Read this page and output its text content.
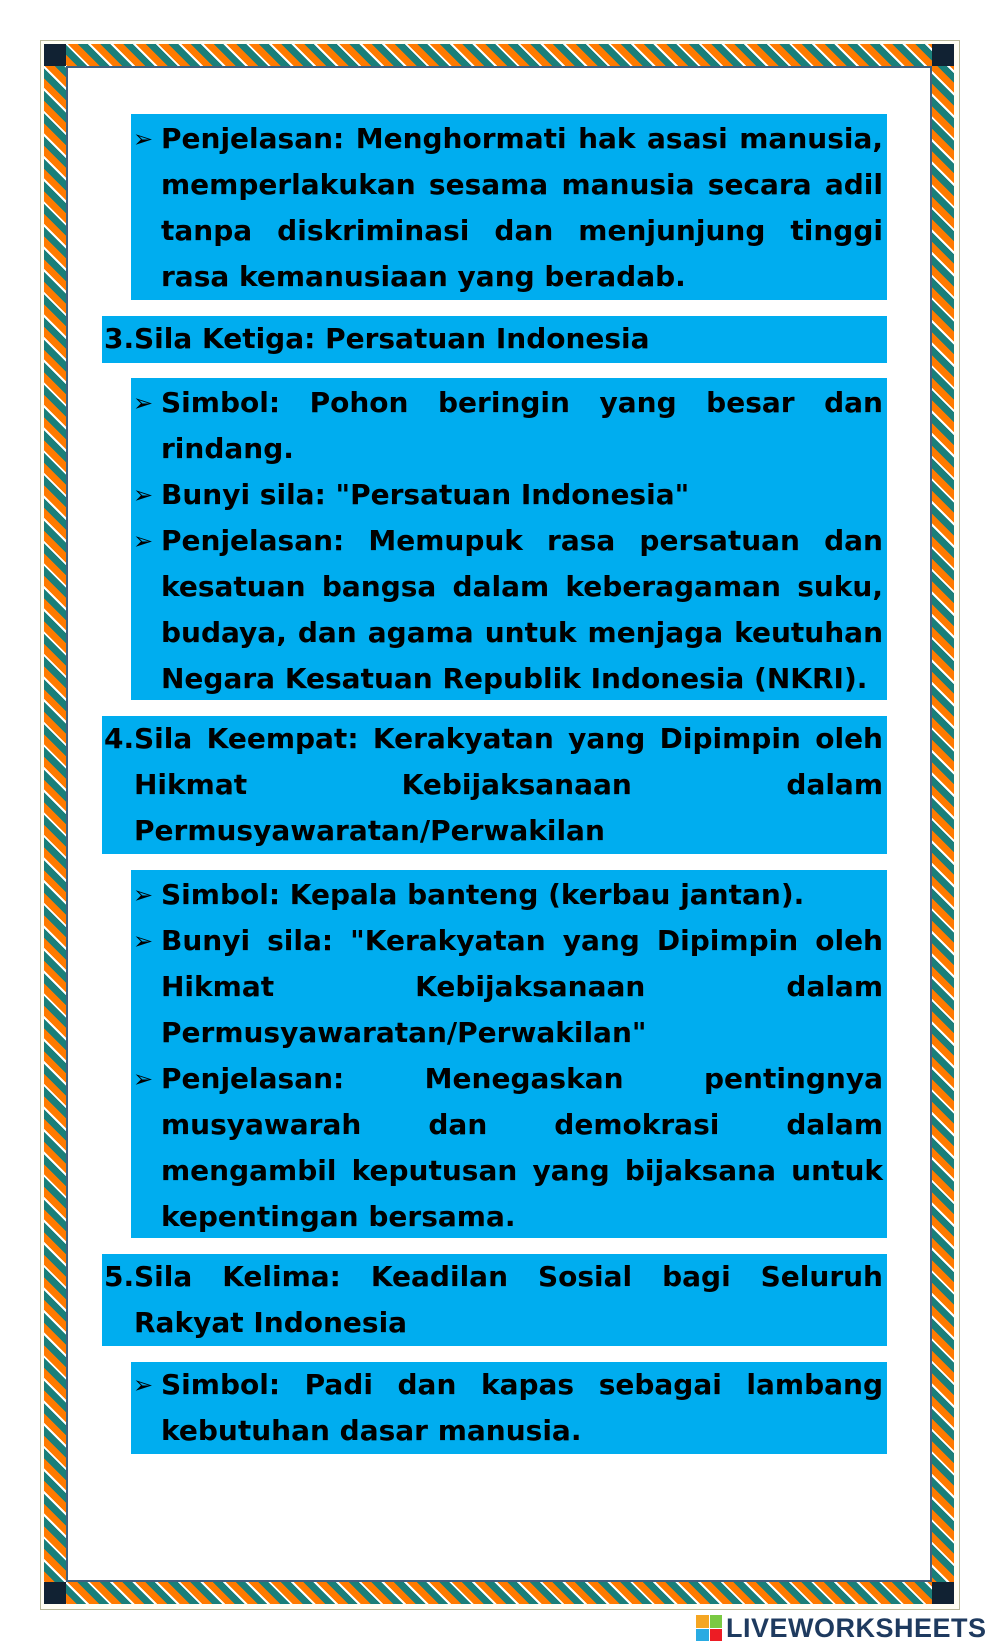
➢ Penjelasan: Menghormati hak asasi manusia, memperlakukan sesama manusia secara adil tanpa diskriminasi dan menjunjung tinggi rasa kemanusiaan yang beradab.
3. Sila Ketiga: Persatuan Indonesia
➢ Simbol: Pohon beringin yang besar dan rindang.
➢ Bunyi sila: "Persatuan Indonesia"
➢ Penjelasan: Memupuk rasa persatuan dan kesatuan bangsa dalam keberagaman suku, budaya, dan agama untuk menjaga keutuhan Negara Kesatuan Republik Indonesia (NKRI).
4. Sila Keempat: Kerakyatan yang Dipimpin oleh Hikmat Kebijaksanaan dalam Permusyawaratan/Perwakilan
➢ Simbol: Kepala banteng (kerbau jantan).
➢ Bunyi sila: "Kerakyatan yang Dipimpin oleh Hikmat Kebijaksanaan dalam Permusyawaratan/Perwakilan"
➢ Penjelasan: Menegaskan pentingnya musyawarah dan demokrasi dalam mengambil keputusan yang bijaksana untuk kepentingan bersama.
5. Sila Kelima: Keadilan Sosial bagi Seluruh Rakyat Indonesia
➢ Simbol: Padi dan kapas sebagai lambang kebutuhan dasar manusia.
LIVEWORKSHEETS
